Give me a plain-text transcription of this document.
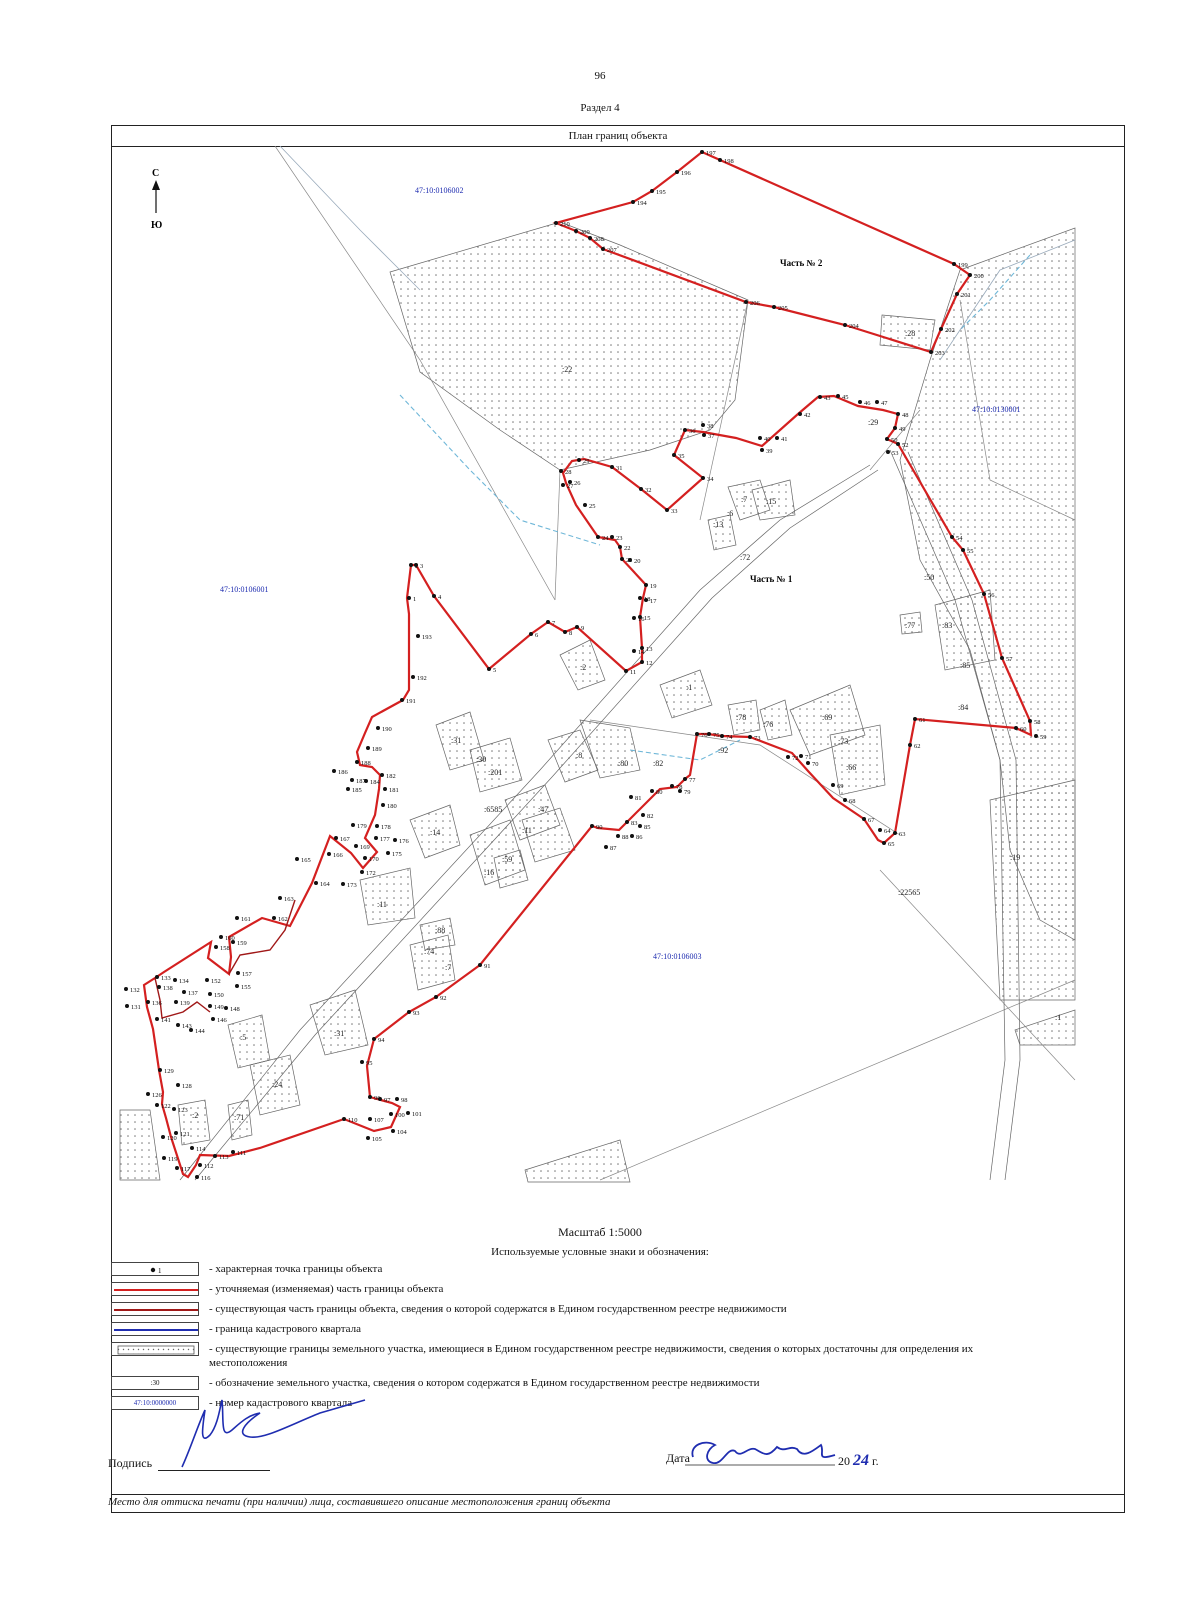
96
Раздел 4
План границ объекта
197
198
196
195
194
210
209
208
207
206
205
204
199
200
201
202
203
1
2 3
4
5
6
7
8
9
11
12
13
14
15
16
17
18
19
20
21
22
23
24
25
26
27
28
29
31
32
33
34
35
36
37
38
39
40 41
42
43 45
46 47
48
49
50
52
53
54
55
56
57
58
59
60
61
62
63
64
65
67
68
69
70
71
72
73
74
75
76
77
78
79
80
81
82
83
85
86
87
88
90
91
92
93
94
95
96 97 98
100 101
104
105
107
110
111
112
113
114
116
117
119
120
121
122
123
126
128
129
131
132
133 134
136
137
138
139
141
143
144
146
148
149
150
152
155
157
158
159
160
161	162
163
164
165
166
167
169
170
172
173
175
176
177
178
179
180
181
182
184
185
186
187
188
189
190
191
192
193
47:10:0106002
47:10:0106001
47:10:0130001
47:10:0106003
Часть № 2
Часть № 1
:22
:28
:29
:7 :15
:13
:6
:72
:50
:77	:83
:85
:84
:69
:73
:66
:76
:78
:1
:2
:80	:82
:92
:8
:31
:30
:201
:6585	:47
:11
:14
:59
:16
:11
:88
:74
:7
:5	:31
:24
:2	:71
:19
:22565
:1
С
Ю
Масштаб 1:5000
Используемые условные знаки и обозначения:
1	- характерная точка границы объекта
- уточняемая (изменяемая) часть границы объекта
- существующая часть границы объекта, сведения о которой содержатся в Едином государственном реестре недвижимости
- граница кадастрового квартала
- существующие границы земельного участка, имеющиеся в Едином государственном реестре недвижимости, сведения о которых достаточны для определения их местоположения
:30	- обозначение земельного участка, сведения о котором содержатся в Едином государственном реестре недвижимости
47:10:0000000	- номер кадастрового квартала
Подпись	Дата	20 24 г.
Место для оттиска печати (при наличии) лица, составившего описание местоположения границ объекта
